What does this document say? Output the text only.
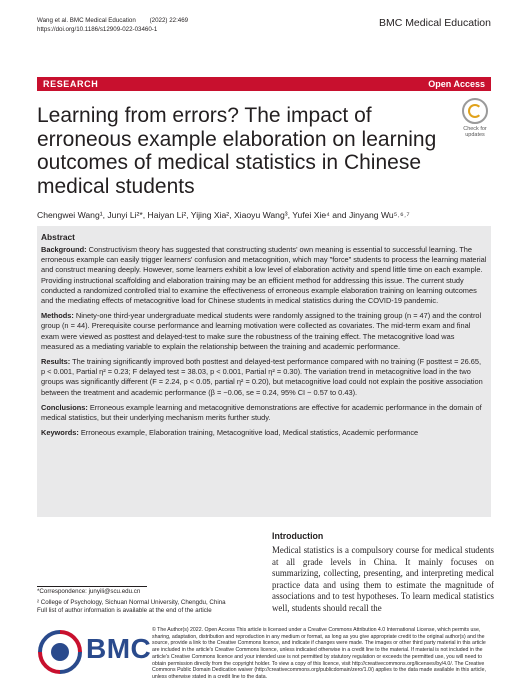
Wang et al. BMC Medical Education (2022) 22:469
https://doi.org/10.1186/s12909-022-03460-1
BMC Medical Education
RESEARCH	Open Access
Learning from errors? The impact of erroneous example elaboration on learning outcomes of medical statistics in Chinese medical students
Check for
updates
Chengwei Wang¹, Junyi Li²*, Haiyan Li², Yijing Xia², Xiaoyu Wang³, Yufei Xie⁴ and Jinyang Wu⁵˒⁶˒⁷
Abstract

Background: Constructivism theory has suggested that constructing students' own meaning is essential to successful learning. The erroneous example can easily trigger learners' confusion and metacognition, which may "force" students to process the learning material and construct meaning deeply. However, some learners exhibit a low level of elaboration activity and spend little time on each example. Providing instructional scaffolding and elaboration training may be an efficient method for addressing this issue. The current study conducted a randomized controlled trial to examine the effectiveness of erroneous example elaboration training on learning outcomes and the mediating effects of metacognitive load for Chinese students in medical statistics during the COVID-19 pandemic.

Methods: Ninety-one third-year undergraduate medical students were randomly assigned to the training group (n = 47) and the control group (n = 44). Prerequisite course performance and learning motivation were collected as covariates. The mid-term exam and final exam were viewed as posttest and delayed-test to make sure the robustness of the training effect. The metacognitive load was measured as a mediating variable to explain the relationship between the training and academic performance.

Results: The training significantly improved both posttest and delayed-test performance compared with no training (F posttest = 26.65, p < 0.001, Partial η² = 0.23; F delayed test = 38.03, p < 0.001, Partial η² = 0.30). The variation trend in metacognitive load in the two groups was significantly different (F = 2.24, p < 0.05, partial η² = 0.20), but metacognitive load could not explain the positive association between the treatment and academic performance (β = −0.06, se = 0.24, 95% CI − 0.57 to 0.43).

Conclusions: Erroneous example learning and metacognitive demonstrations are effective for academic performance in the domain of medical statistics, but their underlying mechanism merits further study.

Keywords: Erroneous example, Elaboration training, Metacognitive load, Medical statistics, Academic performance

Introduction
Medical statistics is a compulsory course for medical students at all grade levels in China. It mainly focuses on summarizing, collecting, presenting, and interpreting medical practice data and using them to estimate the magnitude of associations and to test hypotheses. To learn medical statistics well, students should recall the
*Correspondence: junyili@scu.edu.cn
² College of Psychology, Sichuan Normal University, Chengdu, China
Full list of author information is available at the end of the article
BMC
© The Author(s) 2022. Open Access This article is licensed under a Creative Commons Attribution 4.0 International License, which permits use, sharing, adaptation, distribution and reproduction in any medium or format, as long as you give appropriate credit to the original author(s) and the source, provide a link to the Creative Commons licence, and indicate if changes were made. The images or other third party material in this article are included in the article's Creative Commons licence, unless indicated otherwise in a credit line to the material. If material is not included in the article's Creative Commons licence and your intended use is not permitted by statutory regulation or exceeds the permitted use, you will need to obtain permission directly from the copyright holder. To view a copy of this licence, visit http://creativecommons.org/licenses/by/4.0/. The Creative Commons Public Domain Dedication waiver (http://creativecommons.org/publicdomain/zero/1.0/) applies to the data made available in this article, unless otherwise stated in a credit line to the data.
